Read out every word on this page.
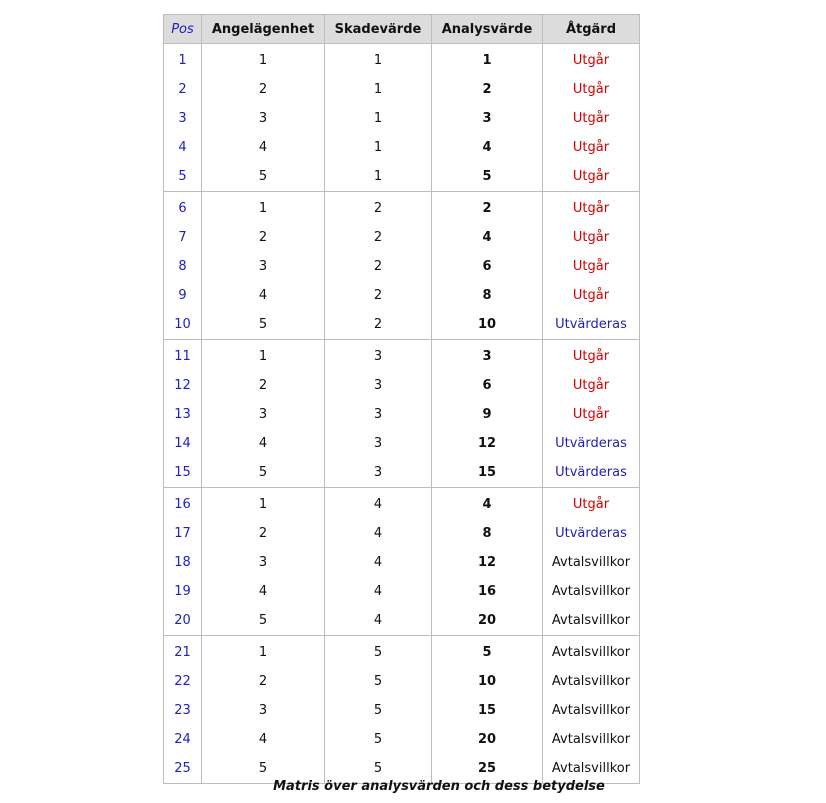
Pos	Angelägenhet	Skadevärde	Analysvärde	Åtgärd
1	1	1	1	Utgår
2	2	1	2	Utgår
3	3	1	3	Utgår
4	4	1	4	Utgår
5	5	1	5	Utgår
6	1	2	2	Utgår
7	2	2	4	Utgår
8	3	2	6	Utgår
9	4	2	8	Utgår
10	5	2	10	Utvärderas
11	1	3	3	Utgår
12	2	3	6	Utgår
13	3	3	9	Utgår
14	4	3	12	Utvärderas
15	5	3	15	Utvärderas
16	1	4	4	Utgår
17	2	4	8	Utvärderas
18	3	4	12	Avtalsvillkor
19	4	4	16	Avtalsvillkor
20	5	4	20	Avtalsvillkor
21	1	5	5	Avtalsvillkor
22	2	5	10	Avtalsvillkor
23	3	5	15	Avtalsvillkor
24	4	5	20	Avtalsvillkor
25	5	5	25	Avtalsvillkor
Matris över analysvärden och dess betydelse
